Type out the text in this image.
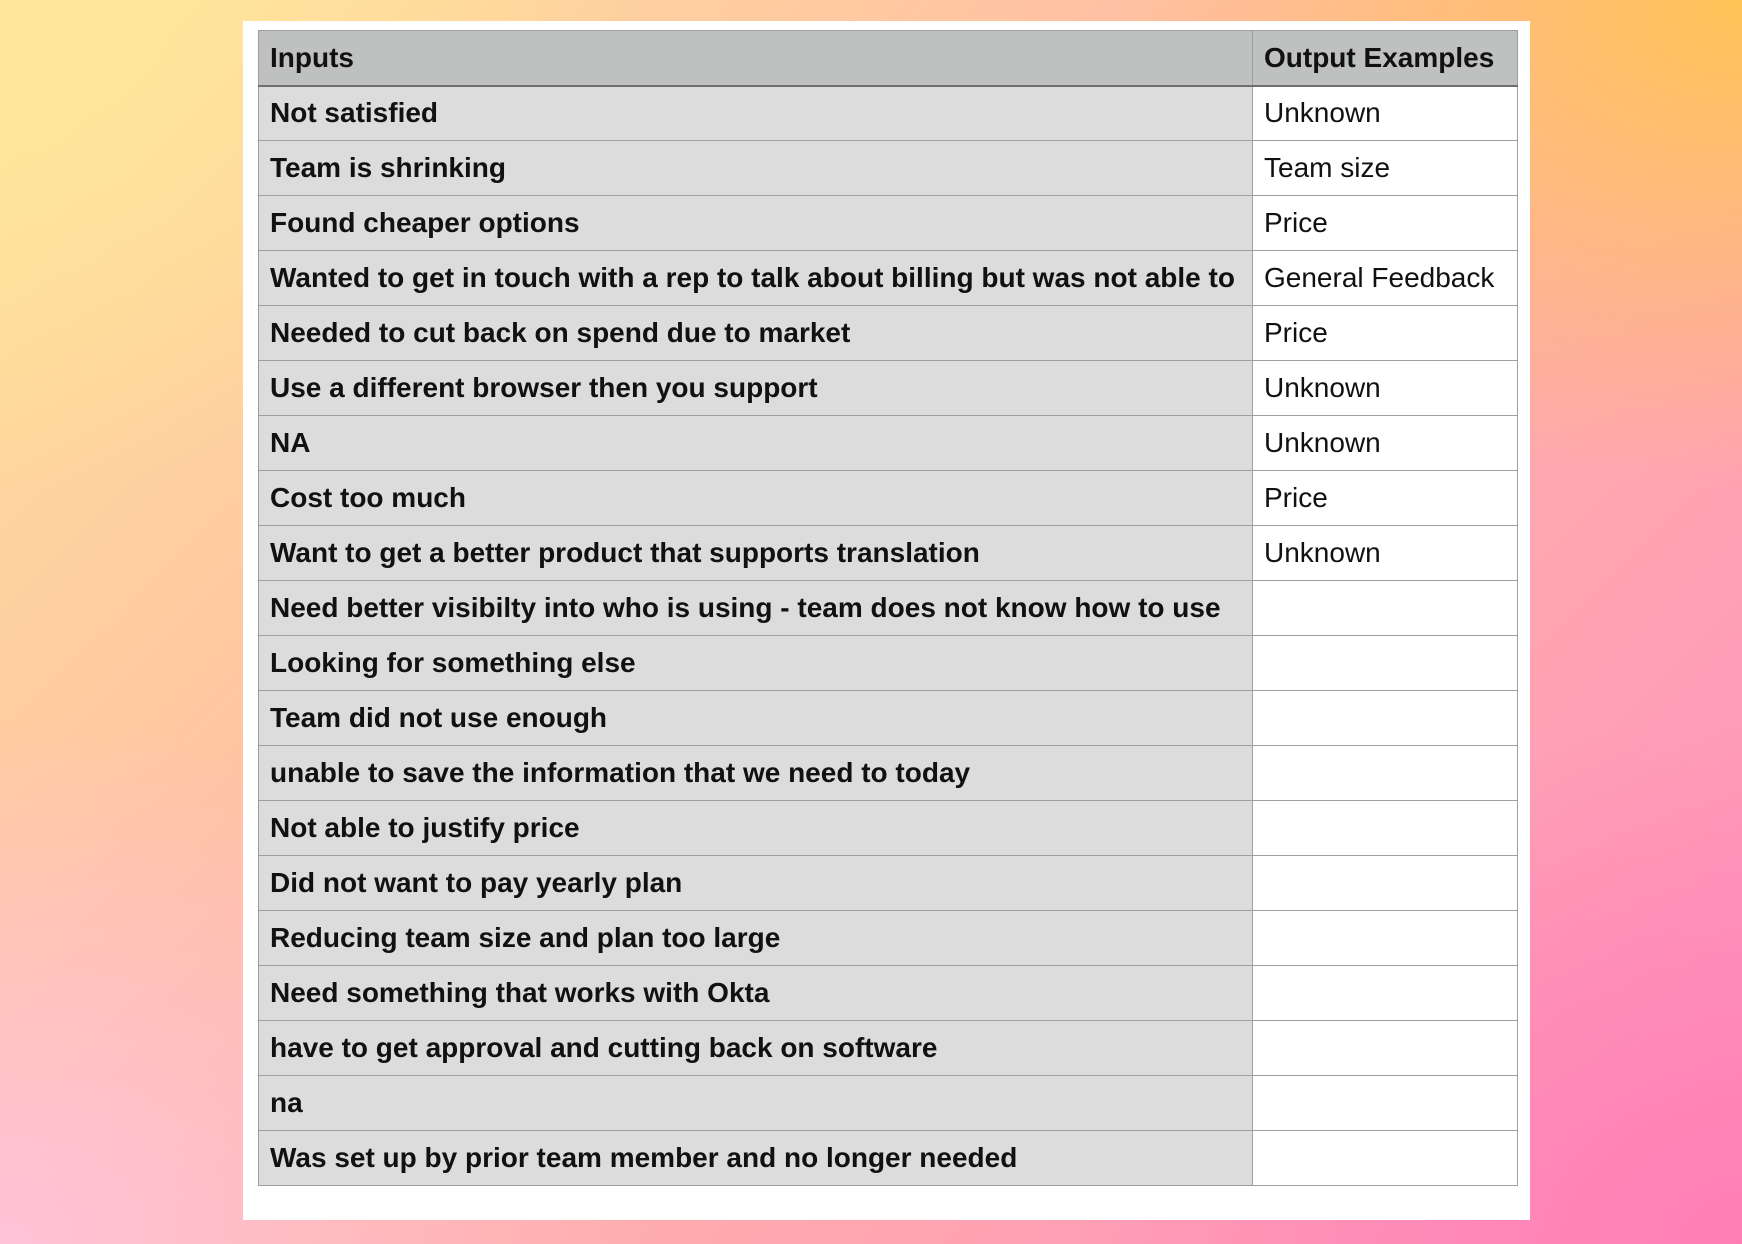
Inputs	Output Examples
Not satisfied	Unknown
Team is shrinking	Team size
Found cheaper options	Price
Wanted to get in touch with a rep to talk about billing but was not able to	General Feedback
Needed to cut back on spend due to market	Price
Use a different browser then you support	Unknown
NA	Unknown
Cost too much	Price
Want to get a better product that supports translation	Unknown
Need better visibilty into who is using - team does not know how to use	
Looking for something else	
Team did not use enough	
unable to save the information that we need to today	
Not able to justify price	
Did not want to pay yearly plan	
Reducing team size and plan too large	
Need something that works with Okta	
have to get approval and cutting back on software	
na	
Was set up by prior team member and no longer needed	
